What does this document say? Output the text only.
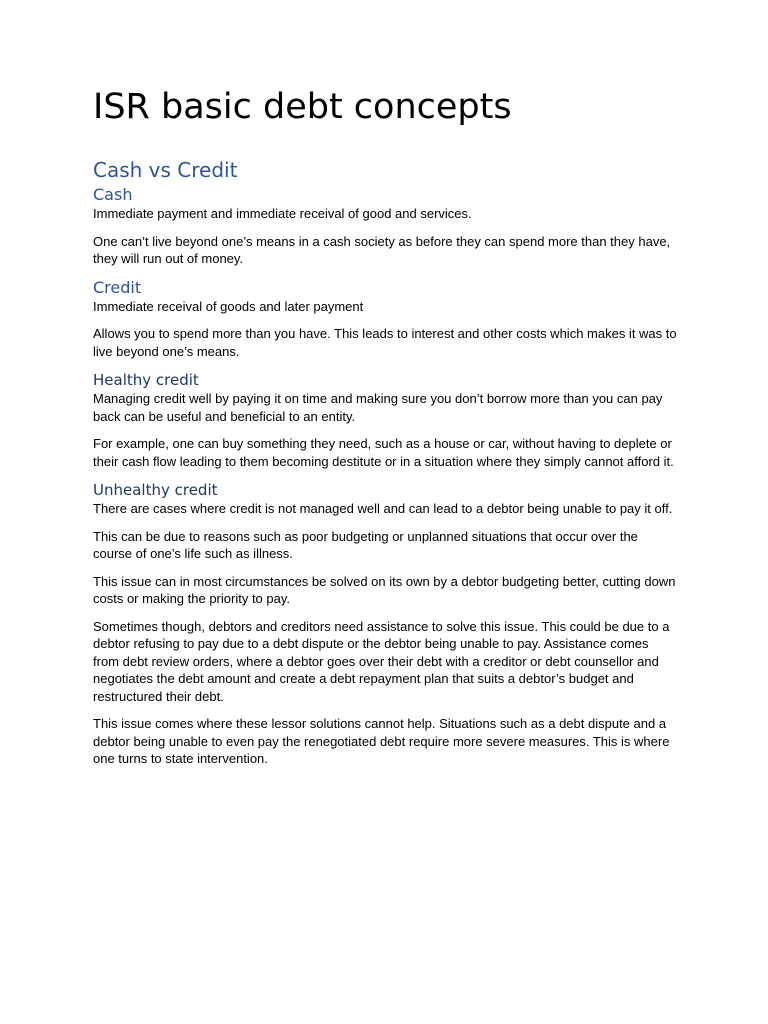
ISR basic debt concepts
Cash vs Credit
Cash

Immediate payment and immediate receival of good and services.

One can’t live beyond one’s means in a cash society as before they can spend more than they have, they will run out of money.

Credit

Immediate receival of goods and later payment

Allows you to spend more than you have. This leads to interest and other costs which makes it was to live beyond one’s means.

Healthy credit

Managing credit well by paying it on time and making sure you don’t borrow more than you can pay back can be useful and beneficial to an entity.

For example, one can buy something they need, such as a house or car, without having to deplete or their cash flow leading to them becoming destitute or in a situation where they simply cannot afford it.

Unhealthy credit

There are cases where credit is not managed well and can lead to a debtor being unable to pay it off.

This can be due to reasons such as poor budgeting or unplanned situations that occur over the course of one’s life such as illness.

This issue can in most circumstances be solved on its own by a debtor budgeting better, cutting down costs or making the priority to pay.

Sometimes though, debtors and creditors need assistance to solve this issue. This could be due to a debtor refusing to pay due to a debt dispute or the debtor being unable to pay. Assistance comes from debt review orders, where a debtor goes over their debt with a creditor or debt counsellor and negotiates the debt amount and create a debt repayment plan that suits a debtor’s budget and restructured their debt.

This issue comes where these lessor solutions cannot help. Situations such as a debt dispute and a debtor being unable to even pay the renegotiated debt require more severe measures. This is where one turns to state intervention.
